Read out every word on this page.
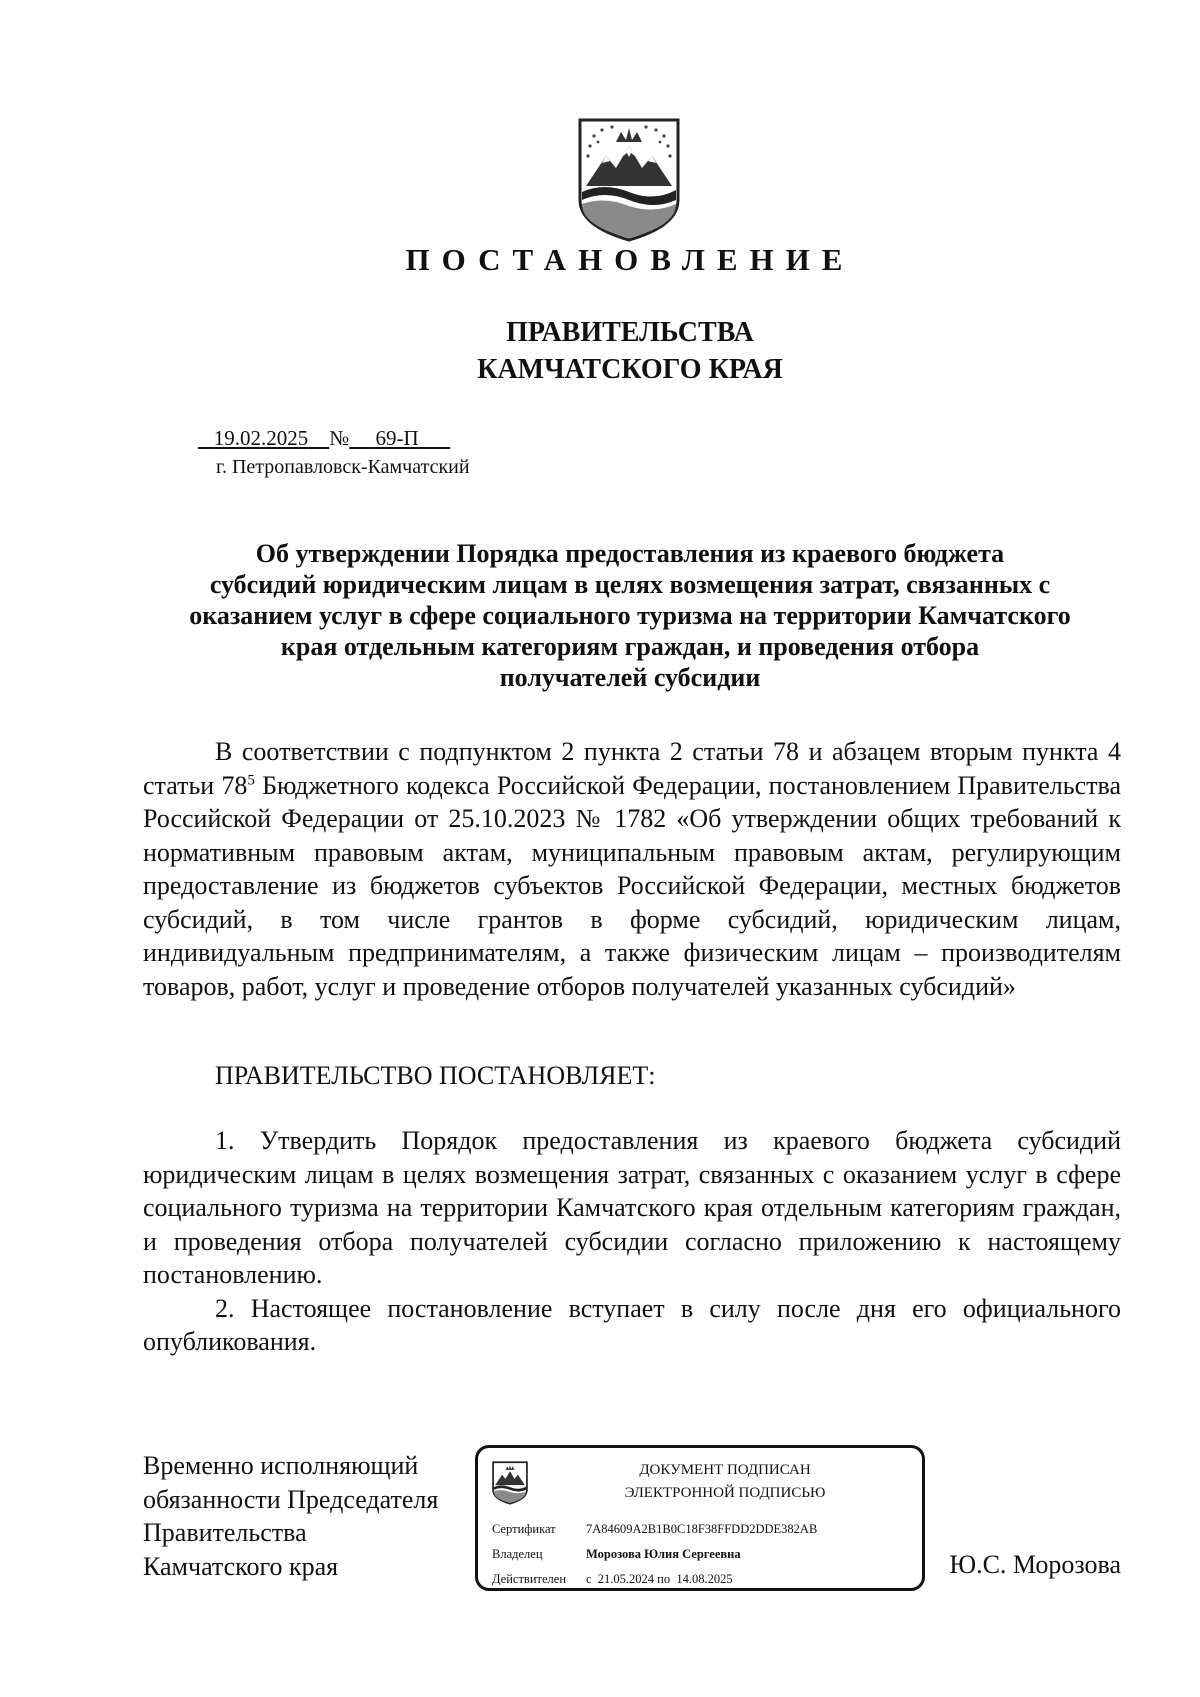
ПОСТАНОВЛЕНИЕ
ПРАВИТЕЛЬСТВА
КАМЧАТСКОГО КРАЯ
19.02.2025 № 69-П
г. Петропавловск-Камчатский
Об утверждении Порядка предоставления из краевого бюджета
субсидий юридическим лицам в целях возмещения затрат, связанных с
оказанием услуг в сфере социального туризма на территории Камчатского
края отдельным категориям граждан, и проведения отбора
получателей субсидии

В соответствии с подпунктом 2 пункта 2 статьи 78 и абзацем вторым пункта 4 статьи $78^5$ Бюджетного кодекса Российской Федерации, постановлением Правительства Российской Федерации от 25.10.2023 № 1782 «Об утверждении общих требований к нормативным правовым актам, муниципальным правовым актам, регулирующим предоставление из бюджетов субъектов Российской Федерации, местных бюджетов субсидий, в том числе грантов в форме субсидий, юридическим лицам, индивидуальным предпринимателям, а также физическим лицам – производителям товаров, работ, услуг и проведение отборов получателей указанных субсидий»

ПРАВИТЕЛЬСТВО ПОСТАНОВЛЯЕТ:

1. Утвердить Порядок предоставления из краевого бюджета субсидий юридическим лицам в целях возмещения затрат, связанных с оказанием услуг в сфере социального туризма на территории Камчатского края отдельным категориям граждан, и проведения отбора получателей субсидии согласно приложению к настоящему постановлению.

2. Настоящее постановление вступает в силу после дня его официального опубликования.

Временно исполняющий
обязанности Председателя
Правительства
Камчатского края
ДОКУМЕНТ ПОДПИСАН
ЭЛЕКТРОННОЙ ПОДПИСЬЮ
Сертификат 7A84609A2B1B0C18F38FFDD2DDE382AB
Владелец	Морозова Юлия Сергеевна
Действителен с  21.05.2024 по  14.08.2025	Ю.С. Морозова
